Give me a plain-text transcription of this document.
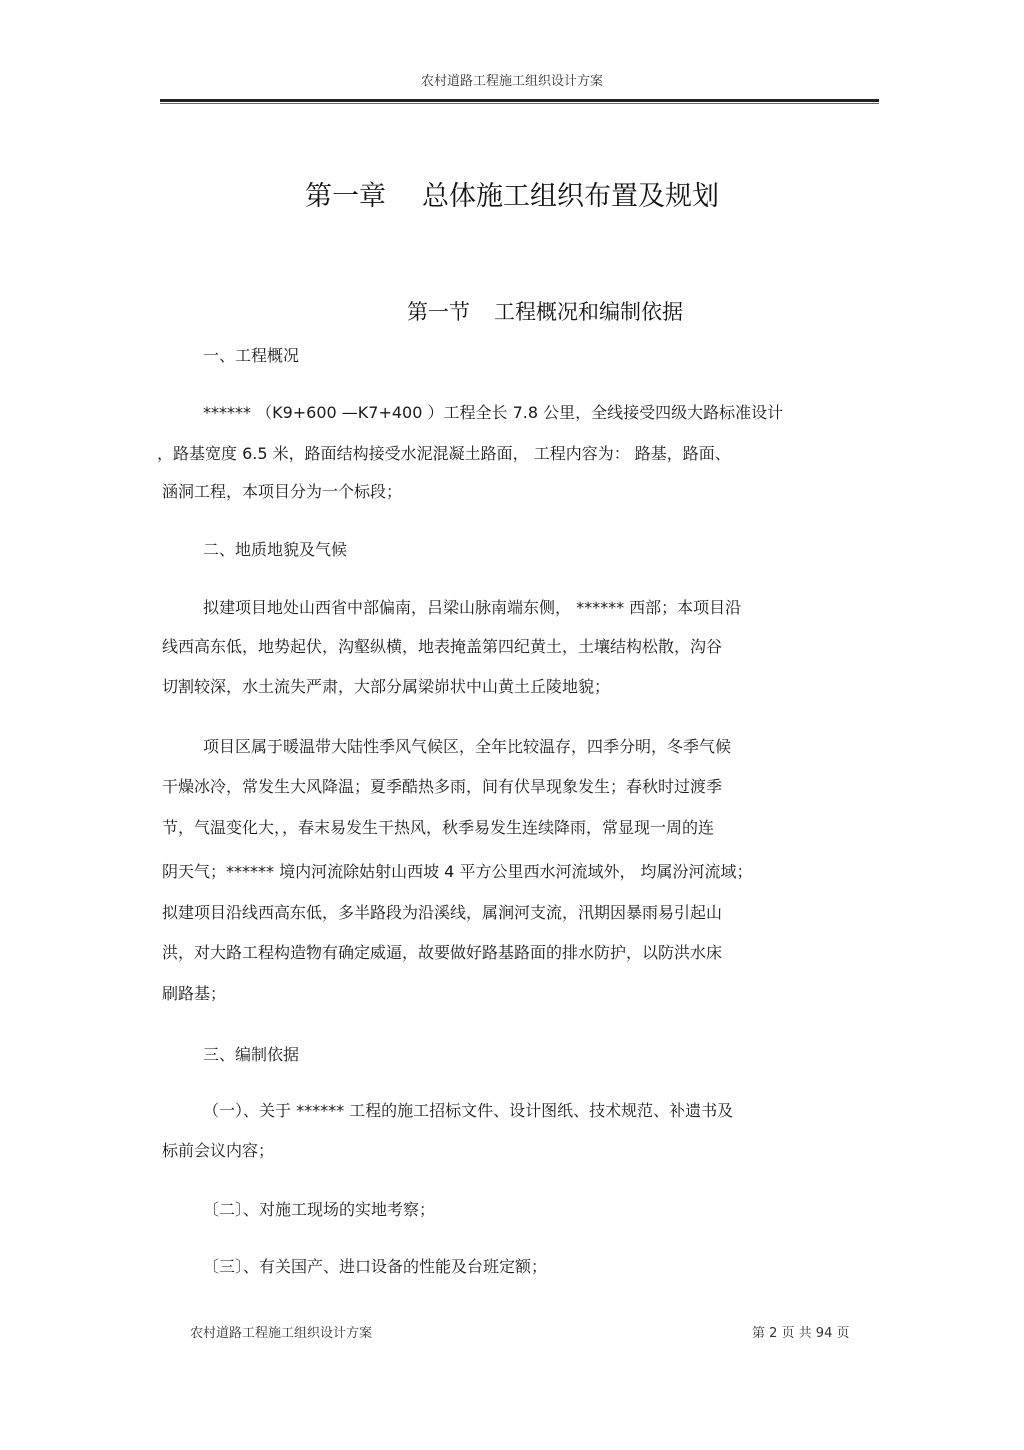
农村道路工程施工组织设计方案
第一章 总体施工组织布置及规划
第一节 工程概况和编制依据
一、工程概况
****** （K9+600 —K7+400 ）工程全长 7.8 公里，全线接受四级大路标准设计
，路基宽度 6.5 米，路面结构接受水泥混凝土路面， 工程内容为： 路基，路面、
涵洞工程，本项目分为一个标段；
二、地质地貌及气候
拟建项目地处山西省中部偏南，吕梁山脉南端东侧， ****** 西部；本项目沿
线西高东低，地势起伏，沟壑纵横，地表掩盖第四纪黄土，土壤结构松散，沟谷
切割较深，水土流失严肃，大部分属梁峁状中山黄土丘陵地貌；
项目区属于暖温带大陆性季风气候区，全年比较温存，四季分明，冬季气候
干燥冰冷，常发生大风降温；夏季酷热多雨，间有伏旱现象发生；春秋时过渡季
节，气温变化大，，春末易发生干热风，秋季易发生连续降雨，常显现一周的连
阴天气；****** 境内河流除姑射山西坡 4 平方公里西水河流域外， 均属汾河流域；
拟建项目沿线西高东低，多半路段为沿溪线，属涧河支流，汛期因暴雨易引起山
洪，对大路工程构造物有确定威逼，故要做好路基路面的排水防护，以防洪水床
刷路基；
三、编制依据
（一）、关于 ****** 工程的施工招标文件、设计图纸、技术规范、补遗书及
标前会议内容；
〔二〕、对施工现场的实地考察；
〔三〕、有关国产、进口设备的性能及台班定额；
农村道路工程施工组织设计方案	第 2 页 共 94 页
